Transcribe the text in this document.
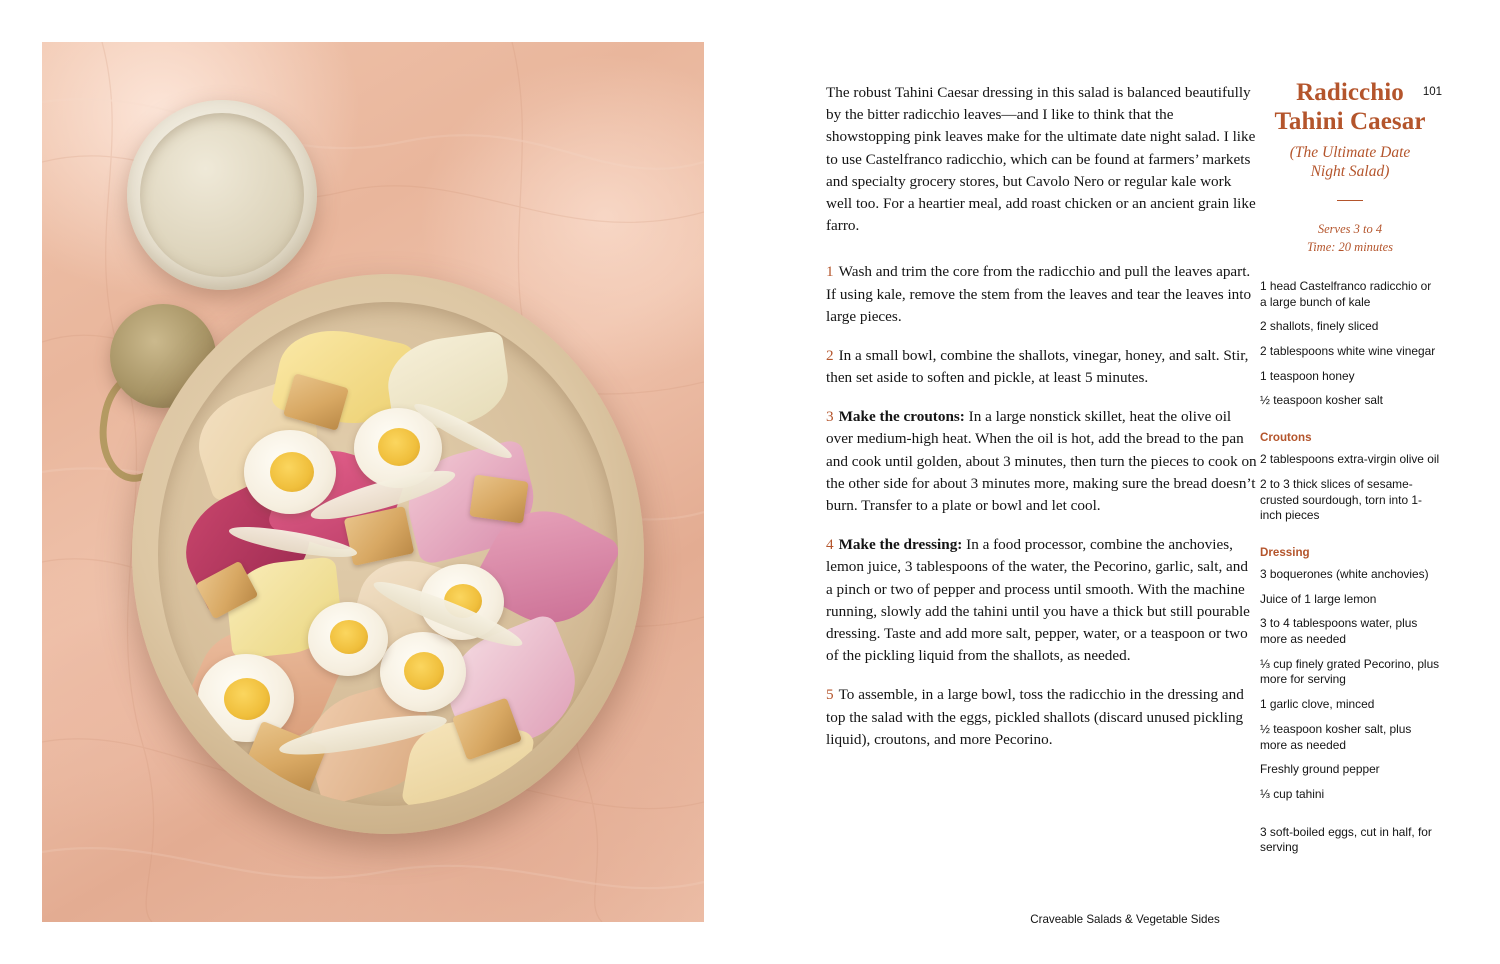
101

The robust Tahini Caesar dressing in this salad is balanced beautifully by the bitter radicchio leaves—and I like to think that the showstopping pink leaves make for the ultimate date night salad. I like to use Castelfranco radicchio, which can be found at farmers’ markets and specialty grocery stores, but Cavolo Nero or regular kale work well too. For a heartier meal, add roast chicken or an ancient grain like farro.

1 Wash and trim the core from the radicchio and pull the leaves apart. If using kale, remove the stem from the leaves and tear the leaves into large pieces.

2 In a small bowl, combine the shallots, vinegar, honey, and salt. Stir, then set aside to soften and pickle, at least 5 minutes.

3 Make the croutons: In a large nonstick skillet, heat the olive oil over medium-high heat. When the oil is hot, add the bread to the pan and cook until golden, about 3 minutes, then turn the pieces to cook on the other side for about 3 minutes more, making sure the bread doesn’t burn. Transfer to a plate or bowl and let cool.

4 Make the dressing: In a food processor, combine the anchovies, lemon juice, 3 tablespoons of the water, the Pecorino, garlic, salt, and a pinch or two of pepper and process until smooth. With the machine running, slowly add the tahini until you have a thick but still pourable dressing. Taste and add more salt, pepper, water, or a teaspoon or two of the pickling liquid from the shallots, as needed.

5 To assemble, in a large bowl, toss the radicchio in the dressing and top the salad with the eggs, pickled shallots (discard unused pickling liquid), croutons, and more Pecorino.

Radicchio
Tahini Caesar

(The Ultimate Date
Night Salad)

Serves 3 to 4
Time: 20 minutes

1 head Castelfranco radicchio or a large bunch of kale

2 shallots, finely sliced

2 tablespoons white wine vinegar

1 teaspoon honey

½ teaspoon kosher salt

Croutons

2 tablespoons extra-virgin olive oil

2 to 3 thick slices of sesame-crusted sourdough, torn into 1-inch pieces

Dressing

3 boquerones (white anchovies)

Juice of 1 large lemon

3 to 4 tablespoons water, plus more as needed

⅓ cup finely grated Pecorino, plus more for serving

1 garlic clove, minced

½ teaspoon kosher salt, plus more as needed

Freshly ground pepper

⅓ cup tahini

3 soft-boiled eggs, cut in half, for serving

Craveable Salads & Vegetable Sides
